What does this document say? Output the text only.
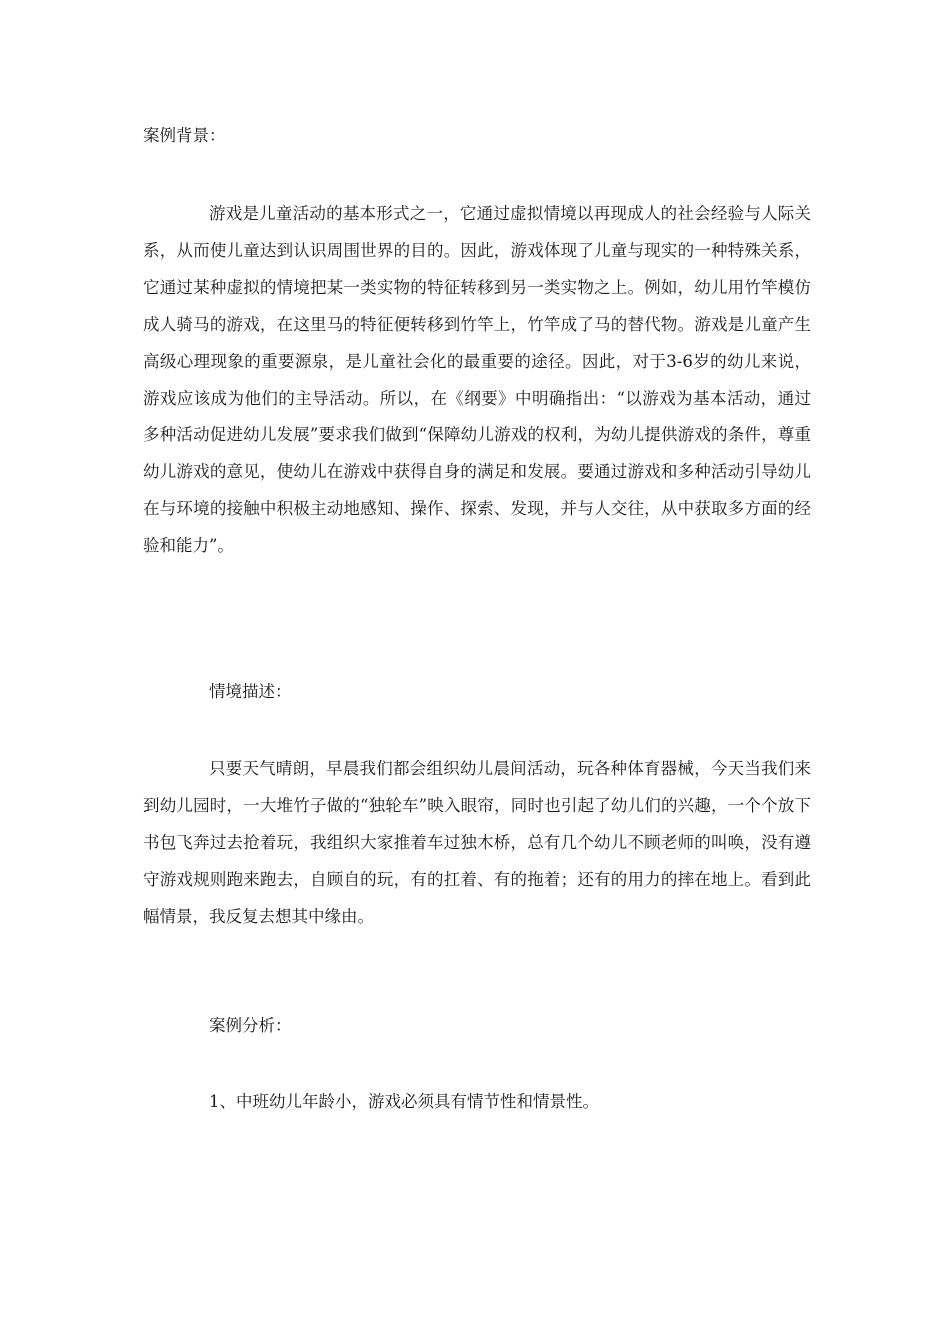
案例背景：

游戏是儿童活动的基本形式之一，它通过虚拟情境以再现成人的社会经验与人际关系，从而使儿童达到认识周围世界的目的。因此，游戏体现了儿童与现实的一种特殊关系，它通过某种虚拟的情境把某一类实物的特征转移到另一类实物之上。例如，幼儿用竹竿模仿成人骑马的游戏，在这里马的特征便转移到竹竿上，竹竿成了马的替代物。游戏是儿童产生高级心理现象的重要源泉，是儿童社会化的最重要的途径。因此，对于3-6岁的幼儿来说，游戏应该成为他们的主导活动。所以，在《纲要》中明确指出：“以游戏为基本活动，通过多种活动促进幼儿发展”要求我们做到“保障幼儿游戏的权利，为幼儿提供游戏的条件，尊重幼儿游戏的意见，使幼儿在游戏中获得自身的满足和发展。要通过游戏和多种活动引导幼儿在与环境的接触中积极主动地感知、操作、探索、发现，并与人交往，从中获取多方面的经验和能力”。

情境描述：

只要天气晴朗，早晨我们都会组织幼儿晨间活动，玩各种体育器械，今天当我们来到幼儿园时，一大堆竹子做的“独轮车”映入眼帘，同时也引起了幼儿们的兴趣，一个个放下书包飞奔过去抢着玩，我组织大家推着车过独木桥，总有几个幼儿不顾老师的叫唤，没有遵守游戏规则跑来跑去，自顾自的玩，有的扛着、有的拖着；还有的用力的摔在地上。看到此幅情景，我反复去想其中缘由。

案例分析：
1、中班幼儿年龄小，游戏必须具有情节性和情景性。
